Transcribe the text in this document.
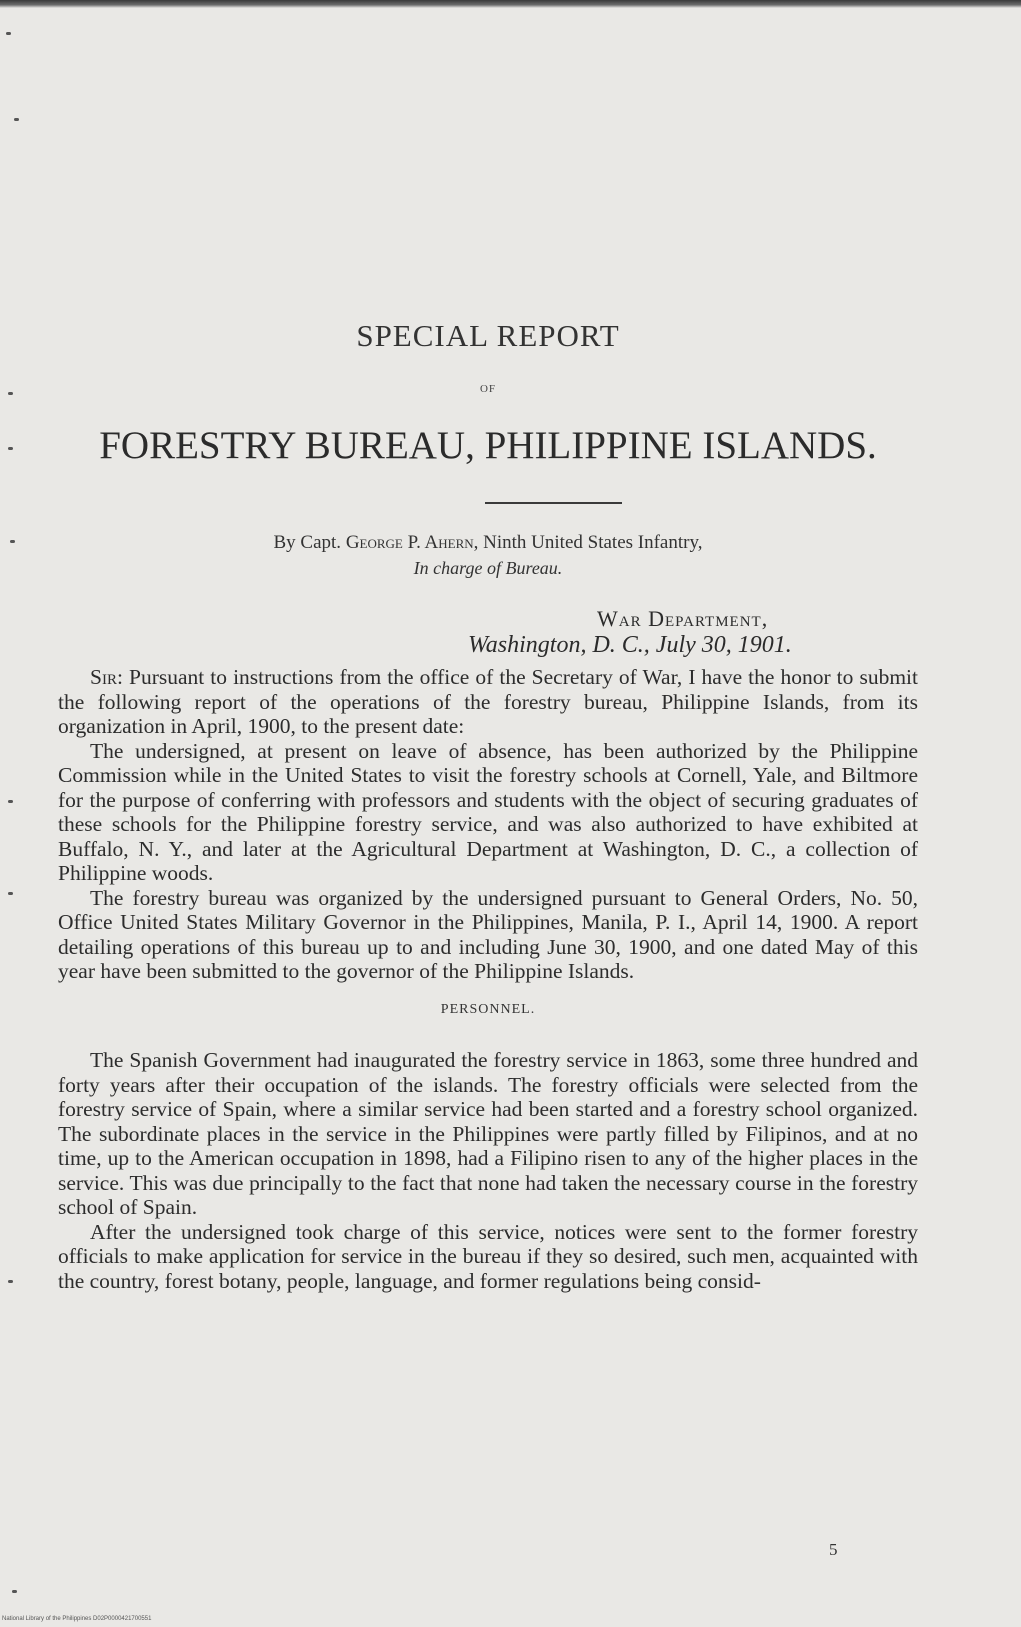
SPECIAL REPORT
OF
FORESTRY BUREAU, PHILIPPINE ISLANDS.
By Capt. George P. Ahern, Ninth United States Infantry,
In charge of Bureau.
War Department,
Washington, D. C., July 30, 1901.

Sir: Pursuant to instructions from the office of the Secretary of War, I have the honor to submit the following report of the operations of the forestry bureau, Philippine Islands, from its organization in April, 1900, to the present date:

The undersigned, at present on leave of absence, has been authorized by the Philippine Commission while in the United States to visit the forestry schools at Cornell, Yale, and Biltmore for the purpose of conferring with professors and students with the object of securing graduates of these schools for the Philippine forestry service, and was also authorized to have exhibited at Buffalo, N. Y., and later at the Agricultural Department at Washington, D. C., a collection of Philippine woods.

The forestry bureau was organized by the undersigned pursuant to General Orders, No. 50, Office United States Military Governor in the Philippines, Manila, P. I., April 14, 1900. A report detailing operations of this bureau up to and including June 30, 1900, and one dated May of this year have been submitted to the governor of the Philippine Islands.

PERSONNEL.

The Spanish Government had inaugurated the forestry service in 1863, some three hundred and forty years after their occupation of the islands. The forestry officials were selected from the forestry service of Spain, where a similar service had been started and a forestry school organized. The subordinate places in the service in the Philippines were partly filled by Filipinos, and at no time, up to the American occupation in 1898, had a Filipino risen to any of the higher places in the service. This was due principally to the fact that none had taken the necessary course in the forestry school of Spain.

After the undersigned took charge of this service, notices were sent to the former forestry officials to make application for service in the bureau if they so desired, such men, acquainted with the country, forest botany, people, language, and former regulations being consid-

5
National Library of the Philippines D02P0000421700551
